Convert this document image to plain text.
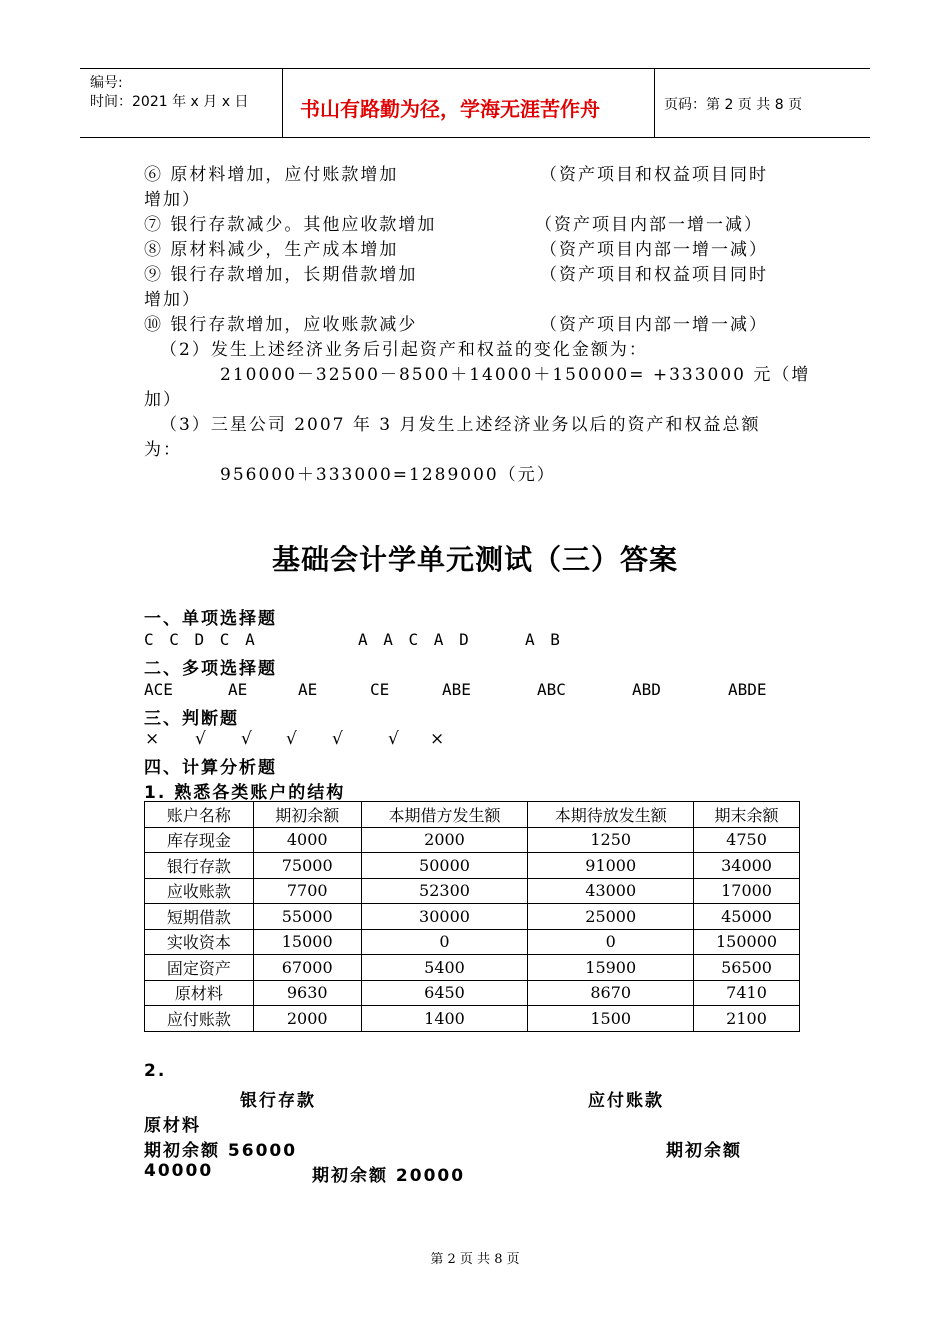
编号:
时间：2021 年 x 月 x 日	书山有路勤为径，学海无涯苦作舟	页码：第 2 页 共 8 页
⑥ 原材料增加，应付账款增加	（资产项目和权益项目同时
增加）
⑦ 银行存款减少。其他应收款增加	（资产项目内部一增一减）
⑧ 原材料减少，生产成本增加	（资产项目内部一增一减）
⑨ 银行存款增加，长期借款增加	（资产项目和权益项目同时
增加）
⑩ 银行存款增加，应收账款减少	（资产项目内部一增一减）
（2）发生上述经济业务后引起资产和权益的变化金额为：
210000－32500－8500＋14000＋150000= +333000 元（增
加）
（3）三星公司 2007 年 3 月发生上述经济业务以后的资产和权益总额
为：
956000＋333000=1289000（元）
基础会计学单元测试（三）答案
一、单项选择题
C C D C A	A A C A D	A B
二、多项选择题
ACE	AE	AE	CE	ABE	ABC	ABD	ABDE
三、判断题
× √ √ √ √	√ ×
四、计算分析题
1. 熟悉各类账户的结构
账户名称	期初余额	本期借方发生额	本期待放发生额	期末余额
库存现金	4000	2000	1250	4750
银行存款	75000	50000	91000	34000
应收账款	7700	52300	43000	17000
短期借款	55000	30000	25000	45000
实收资本	15000	0	0	150000
固定资产	67000	5400	15900	56500
原材料	9630	6450	8670	7410
应付账款	2000	1400	1500	2100
2.
银行存款	应付账款
原材料
期初余额 56000	期初余额
40000	期初余额 20000
第 2 页 共 8 页
